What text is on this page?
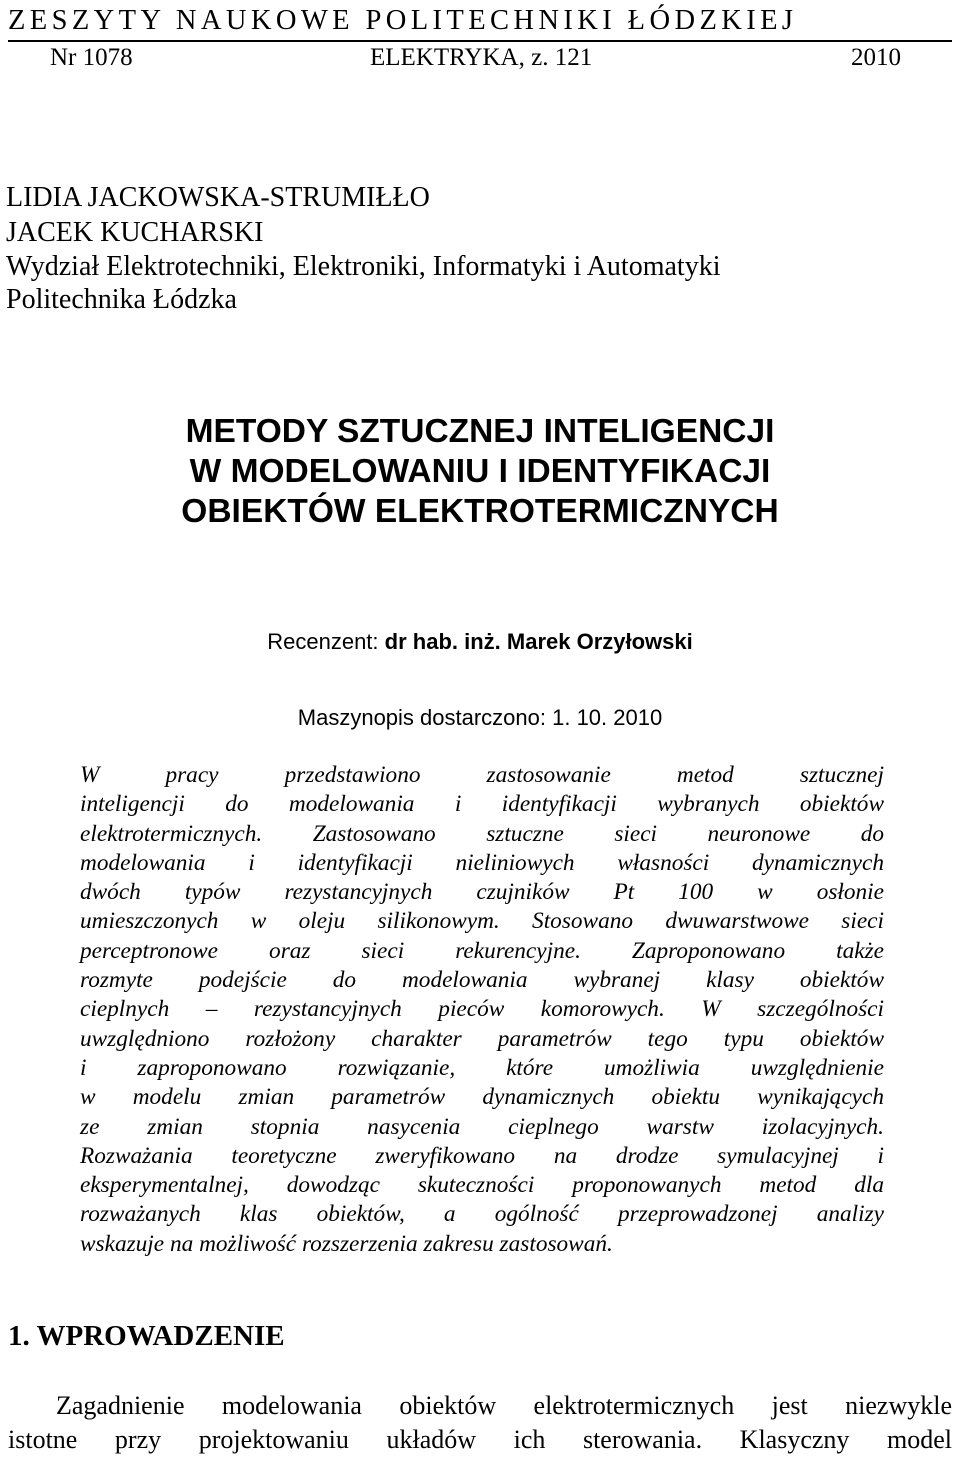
ZESZYTY NAUKOWE POLITECHNIKI ŁÓDZKIEJ
Nr 1078	ELEKTRYKA, z. 121	2010
LIDIA JACKOWSKA-STRUMIŁŁO
JACEK KUCHARSKI
Wydział Elektrotechniki, Elektroniki, Informatyki i Automatyki
Politechnika Łódzka
METODY SZTUCZNEJ INTELIGENCJI
W MODELOWANIU I IDENTYFIKACJI
OBIEKTÓW ELEKTROTERMICZNYCH
Recenzent: dr hab. inż. Marek Orzyłowski
Maszynopis dostarczono: 1. 10. 2010
W pracy przedstawiono zastosowanie metod sztucznej
inteligencji do modelowania i identyfikacji wybranych obiektów
elektrotermicznych. Zastosowano sztuczne sieci neuronowe do
modelowania i identyfikacji nieliniowych własności dynamicznych
dwóch typów rezystancyjnych czujników Pt 100 w osłonie
umieszczonych w oleju silikonowym. Stosowano dwuwarstwowe sieci
perceptronowe oraz sieci rekurencyjne. Zaproponowano także
rozmyte podejście do modelowania wybranej klasy obiektów
cieplnych – rezystancyjnych pieców komorowych. W szczególności
uwzględniono rozłożony charakter parametrów tego typu obiektów
i zaproponowano rozwiązanie, które umożliwia uwzględnienie
w modelu zmian parametrów dynamicznych obiektu wynikających
ze zmian stopnia nasycenia cieplnego warstw izolacyjnych.
Rozważania teoretyczne zweryfikowano na drodze symulacyjnej i
eksperymentalnej, dowodząc skuteczności proponowanych metod dla
rozważanych klas obiektów, a ogólność przeprowadzonej analizy
wskazuje na możliwość rozszerzenia zakresu zastosowań.
1. WPROWADZENIE
Zagadnienie modelowania obiektów elektrotermicznych jest niezwykle
istotne przy projektowaniu układów ich sterowania. Klasyczny model
